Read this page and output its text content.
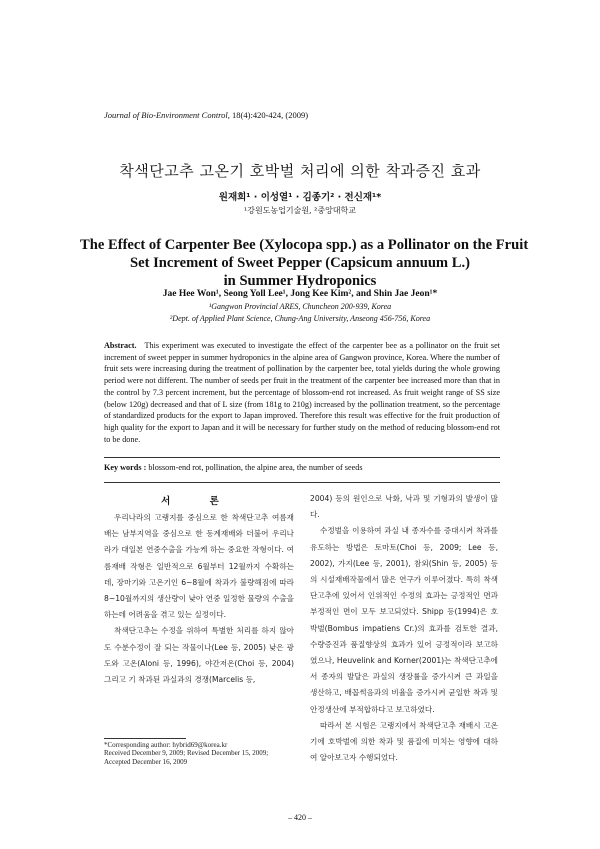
Journal of Bio-Environment Control, 18(4):420-424, (2009)
착색단고추 고온기 호박벌 처리에 의한 착과증진 효과
원재희¹ · 이성열¹ · 김종기² · 전신재¹*
¹강원도농업기술원, ²중앙대학교
The Effect of Carpenter Bee (Xylocopa spp.) as a Pollinator on the Fruit
Set Increment of Sweet Pepper (Capsicum annuum L.)
in Summer Hydroponics
Jae Hee Won¹, Seong Yoll Lee¹, Jong Kee Kim², and Shin Jae Jeon¹*
¹Gangwon Provincial ARES, Chuncheon 200-939, Korea
²Dept. of Applied Plant Science, Chung-Ang University, Anseong 456-756, Korea
Abstract. This experiment was executed to investigate the effect of the carpenter bee as a pollinator on the fruit set increment of sweet pepper in summer hydroponics in the alpine area of Gangwon province, Korea. Where the number of fruit sets were increasing during the treatment of pollination by the carpenter bee, total yields during the whole growing period were not different. The number of seeds per fruit in the treatment of the carpenter bee increased more than that in the control by 7.3 percent increment, but the percentage of blossom-end rot increased. As fruit weight range of SS size (below 120g) decreased and that of L size (from 181g to 210g) increased by the pollination treatment, so the percentage of standardized products for the export to Japan improved. Therefore this result was effective for the fruit production of high quality for the export to Japan and it will be necessary for further study on the method of reducing blossom-end rot to be done.
Key words : blossom-end rot, pollination, the alpine area, the number of seeds
서 론

우리나라의 고랭지를 중심으로 한 착색단고추 여름재배는 남부지역을 중심으로 한 동계재배와 더불어 우리나라가 대일본 연중수출을 가능케 하는 중요한 작형이다. 여름재배 작형은 일반적으로 6월부터 12월까지 수확하는데, 장마기와 고온기인 6~8월에 착과가 불량해짐에 따라 8~10월까지의 생산량이 낮아 연중 일정한 물량의 수출을 하는데 어려움을 겪고 있는 실정이다.

착색단고추는 수정을 위하여 특별한 처리를 하지 않아도 수분수정이 잘 되는 작물이나(Lee 등, 2005) 낮은 광도와 고온(Aloni 등, 1996), 야간저온(Choi 등, 2004) 그리고 기 착과된 과실과의 경쟁(Marcelis 등,

2004) 등의 원인으로 낙화, 낙과 및 기형과의 발생이 많다.

수정벌을 이용하여 과실 내 종자수를 증대시켜 착과를 유도하는 방법은 토마토(Choi 등, 2009; Lee 등, 2002), 가지(Lee 등, 2001), 참외(Shin 등, 2005) 등의 시설재배작물에서 많은 연구가 이루어졌다. 특히 착색단고추에 있어서 인위적인 수정의 효과는 긍정적인 면과 부정적인 면이 모두 보고되었다. Shipp 등(1994)은 호박벌(Bombus impatiens Cr.)의 효과를 검토한 결과, 수량증진과 품질향상의 효과가 있어 긍정적이라 보고하였으나, Heuvelink and Korner(2001)는 착색단고추에서 종자의 발달은 과실의 생장률을 증가시켜 큰 과일을 생산하고, 배꼽썩음과의 비율을 증가시켜 균일한 착과 및 안정생산에 부적합하다고 보고하였다.

따라서 본 시험은 고랭지에서 착색단고추 재배시 고온기에 호박벌에 의한 착과 및 품질에 미치는 영향에 대하여 알아보고자 수행되었다.

*Corresponding author: hybrid69@korea.kr
Received December 9, 2009; Revised December 15, 2009;
Accepted December 16, 2009
– 420 –
